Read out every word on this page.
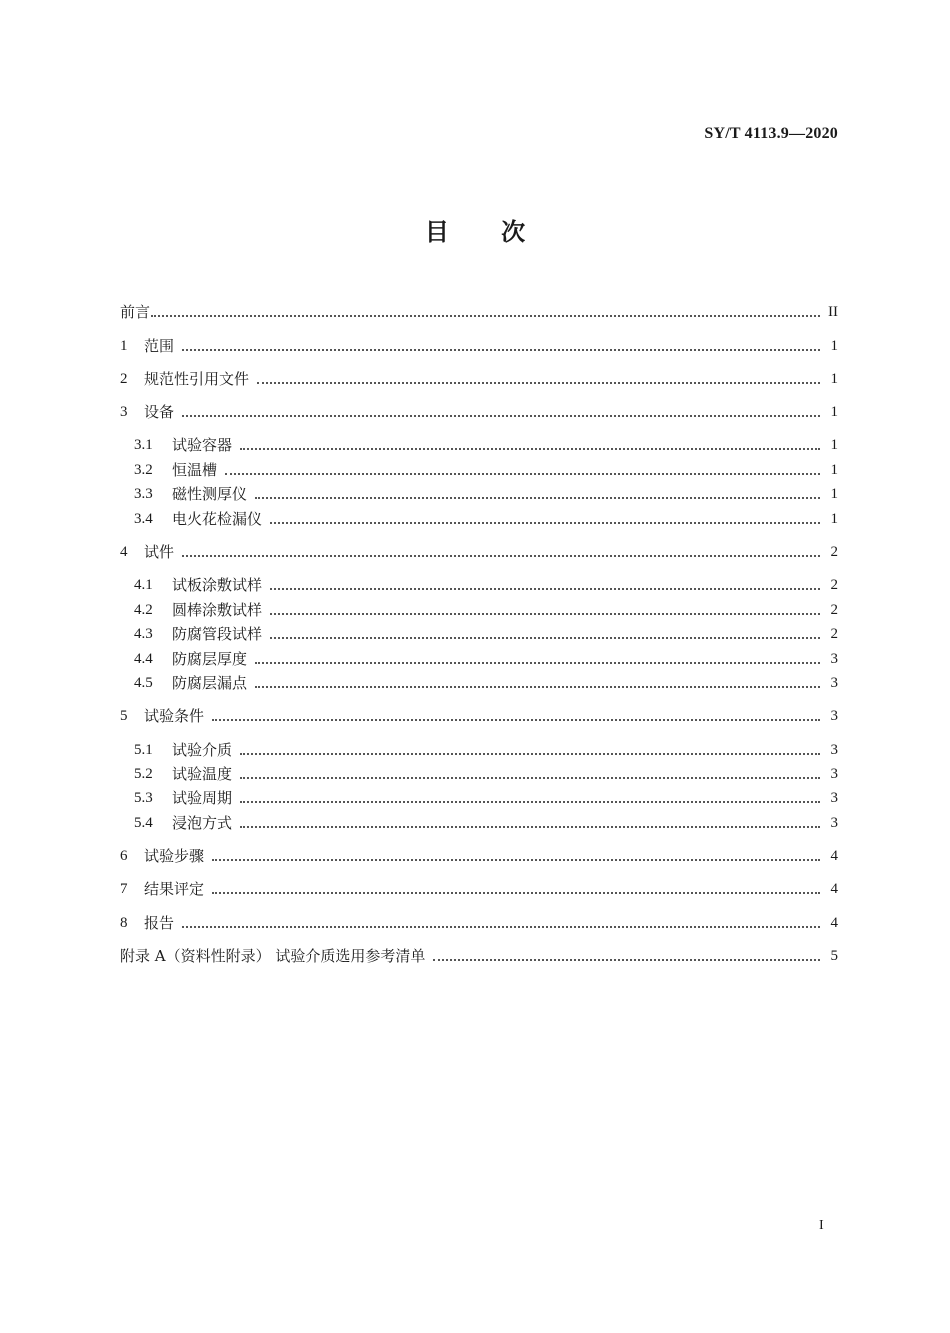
SY/T 4113.9—2020
目 次
前言	II
1	范围	1
2	规范性引用文件	1
3	设备	1
3.1	试验容器	1
3.2	恒温槽	1
3.3	磁性测厚仪	1
3.4	电火花检漏仪	1
4	试件	2
4.1	试板涂敷试样	2
4.2	圆棒涂敷试样	2
4.3	防腐管段试样	2
4.4	防腐层厚度	3
4.5	防腐层漏点	3
5	试验条件	3
5.1	试验介质	3
5.2	试验温度	3
5.3	试验周期	3
5.4	浸泡方式	3
6	试验步骤	4
7	结果评定	4
8	报告	4
附录 A（资料性附录） 试验介质选用参考清单	5
I
